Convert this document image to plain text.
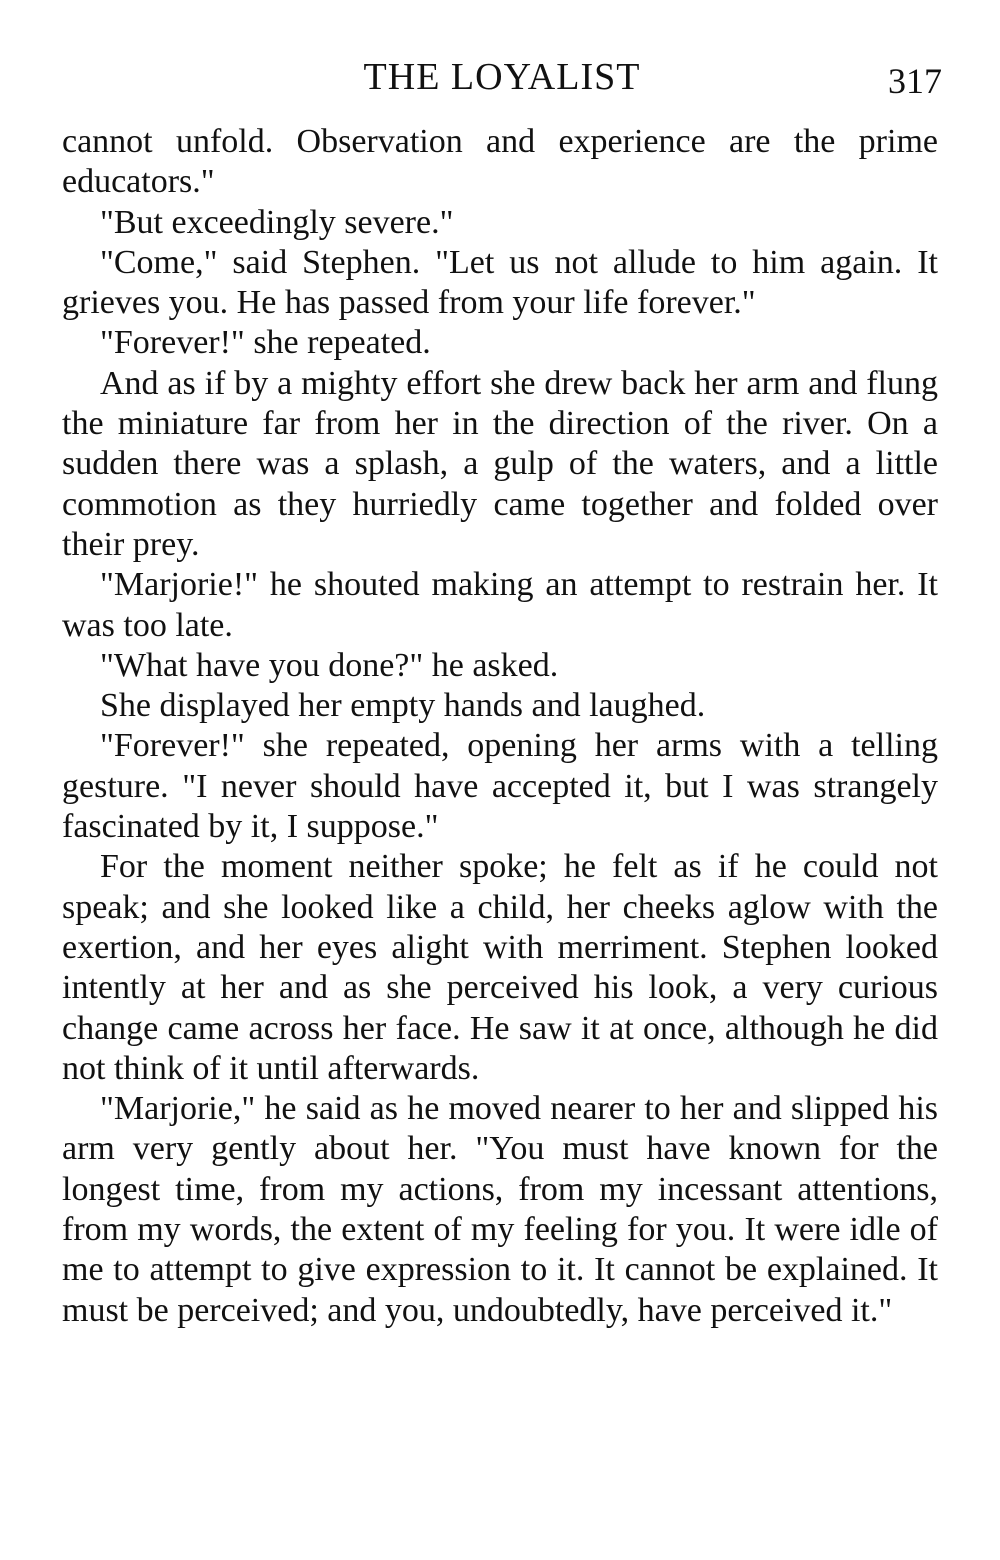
THE LOYALIST	317

cannot unfold. Observation and experience are the prime educators."

"But exceedingly severe."

"Come," said Stephen. "Let us not allude to him again. It grieves you. He has passed from your life forever."

"Forever!" she repeated.

And as if by a mighty effort she drew back her arm and flung the miniature far from her in the direction of the river. On a sudden there was a splash, a gulp of the waters, and a little commotion as they hurriedly came together and folded over their prey.

"Marjorie!" he shouted making an attempt to restrain her. It was too late.

"What have you done?" he asked.

She displayed her empty hands and laughed.

"Forever!" she repeated, opening her arms with a telling gesture. "I never should have accepted it, but I was strangely fascinated by it, I suppose."

For the moment neither spoke; he felt as if he could not speak; and she looked like a child, her cheeks aglow with the exertion, and her eyes alight with merriment. Stephen looked intently at her and as she perceived his look, a very curious change came across her face. He saw it at once, although he did not think of it until afterwards.

"Marjorie," he said as he moved nearer to her and slipped his arm very gently about her. "You must have known for the longest time, from my actions, from my incessant attentions, from my words, the extent of my feeling for you. It were idle of me to attempt to give expression to it. It cannot be explained. It must be perceived; and you, undoubtedly, have perceived it."
